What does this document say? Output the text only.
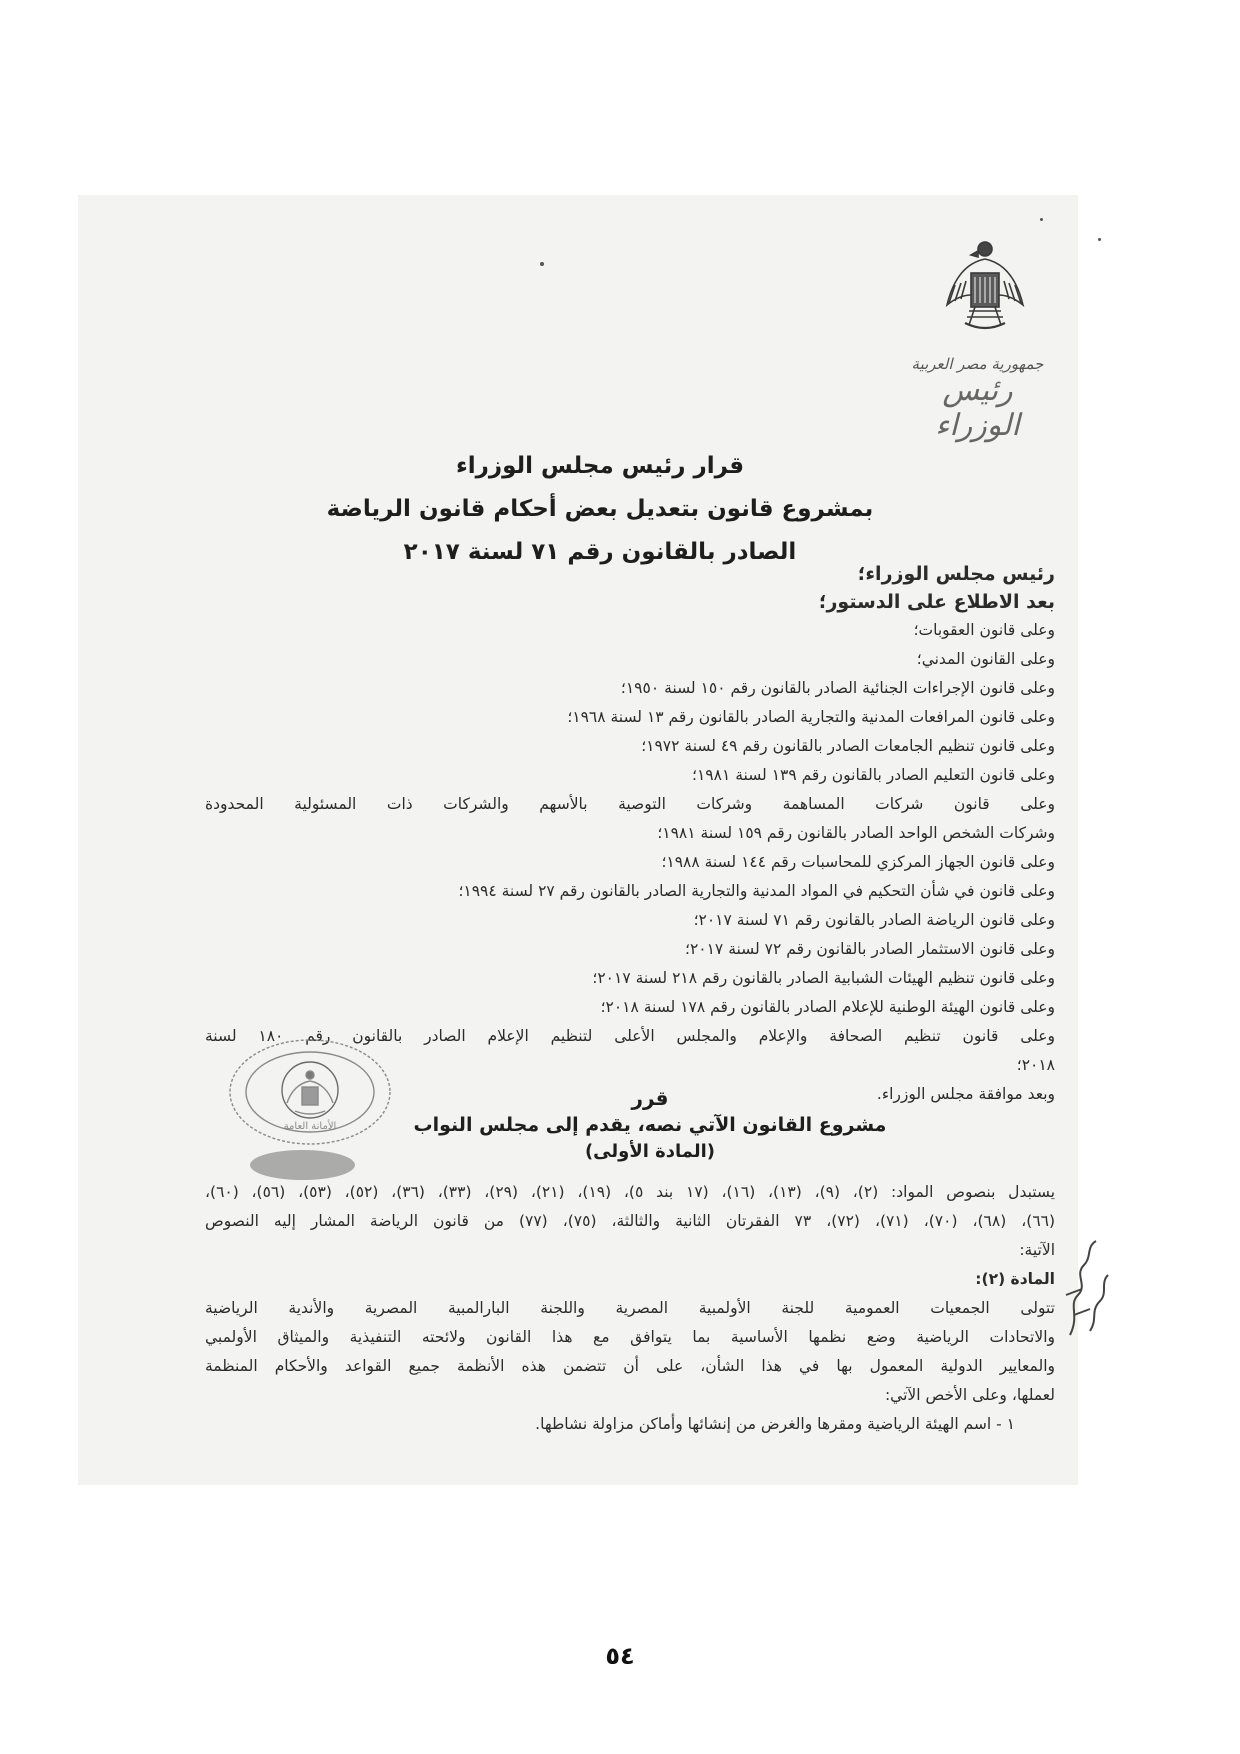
جمهورية مصر العربية
رئيس الوزراء
قرار رئيس مجلس الوزراء
بمشروع قانون بتعديل بعض أحكام قانون الرياضة
الصادر بالقانون رقم ٧١ لسنة ٢٠١٧
رئيس مجلس الوزراء؛
بعد الاطلاع على الدستور؛
وعلى قانون العقوبات؛
وعلى القانون المدني؛
وعلى قانون الإجراءات الجنائية الصادر بالقانون رقم ١٥٠ لسنة ١٩٥٠؛
وعلى قانون المرافعات المدنية والتجارية الصادر بالقانون رقم ١٣ لسنة ١٩٦٨؛
وعلى قانون تنظيم الجامعات الصادر بالقانون رقم ٤٩ لسنة ١٩٧٢؛
وعلى قانون التعليم الصادر بالقانون رقم ١٣٩ لسنة ١٩٨١؛
وعلى قانون شركات المساهمة وشركات التوصية بالأسهم والشركات ذات المسئولية المحدودة
وشركات الشخص الواحد الصادر بالقانون رقم ١٥٩ لسنة ١٩٨١؛
وعلى قانون الجهاز المركزي للمحاسبات رقم ١٤٤ لسنة ١٩٨٨؛
وعلى قانون في شأن التحكيم في المواد المدنية والتجارية الصادر بالقانون رقم ٢٧ لسنة ١٩٩٤؛
وعلى قانون الرياضة الصادر بالقانون رقم ٧١ لسنة ٢٠١٧؛
وعلى قانون الاستثمار الصادر بالقانون رقم ٧٢ لسنة ٢٠١٧؛
وعلى قانون تنظيم الهيئات الشبابية الصادر بالقانون رقم ٢١٨ لسنة ٢٠١٧؛
وعلى قانون الهيئة الوطنية للإعلام الصادر بالقانون رقم ١٧٨ لسنة ٢٠١٨؛
وعلى قانون تنظيم الصحافة والإعلام والمجلس الأعلى لتنظيم الإعلام الصادر بالقانون رقم ١٨٠ لسنة
٢٠١٨؛
وبعد موافقة مجلس الوزراء.
قرر
مشروع القانون الآتي نصه، يقدم إلى مجلس النواب
(المادة الأولى)
الأمانة العامة
يستبدل بنصوص المواد: (٢)، (٩)، (١٣)، (١٦)، (١٧ بند ٥)، (١٩)، (٢١)، (٢٩)، (٣٣)، (٣٦)، (٥٢)، (٥٣)، (٥٦)، (٦٠)،
(٦٦)، (٦٨)، (٧٠)، (٧١)، (٧٢)، ٧٣ الفقرتان الثانية والثالثة، (٧٥)، (٧٧) من قانون الرياضة المشار إليه النصوص
الآتية:
المادة (٢):
تتولى الجمعيات العمومية للجنة الأولمبية المصرية واللجنة البارالمبية المصرية والأندية الرياضية
والاتحادات الرياضية وضع نظمها الأساسية بما يتوافق مع هذا القانون ولائحته التنفيذية والميثاق الأولمبي
والمعايير الدولية المعمول بها في هذا الشأن، على أن تتضمن هذه الأنظمة جميع القواعد والأحكام المنظمة
لعملها، وعلى الأخص الآتي:
١ - اسم الهيئة الرياضية ومقرها والغرض من إنشائها وأماكن مزاولة نشاطها.
٥٤
